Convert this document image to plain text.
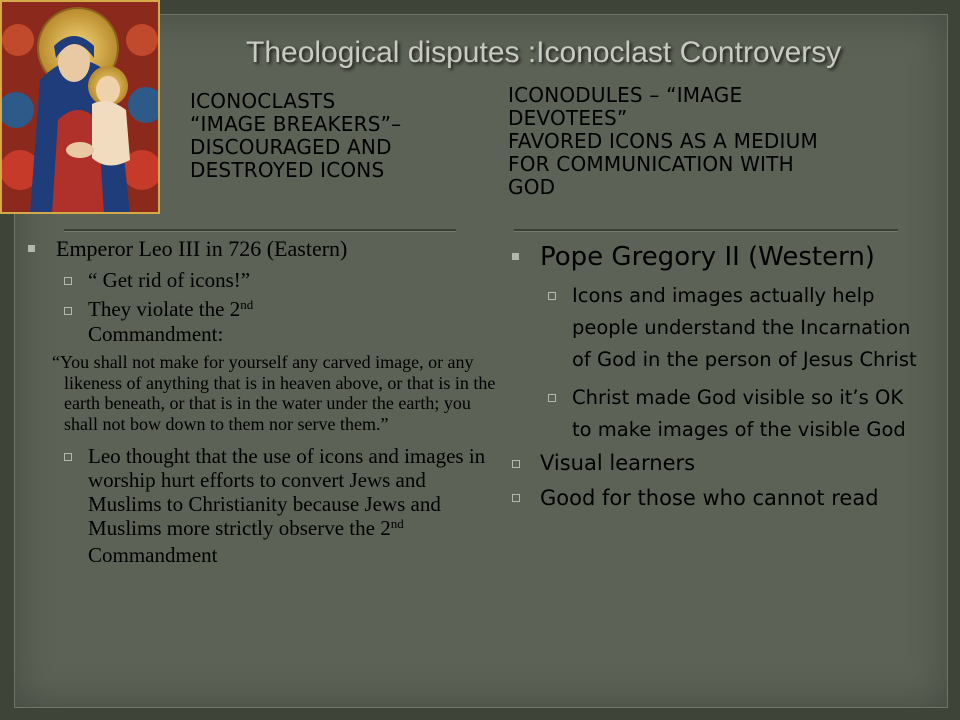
Theological disputes :Iconoclast Controversy
ICONOCLASTS
“IMAGE BREAKERS”–
DISCOURAGED AND
DESTROYED ICONS
ICONODULES – “IMAGE
DEVOTEES”
FAVORED ICONS AS A MEDIUM
FOR COMMUNICATION WITH
GOD
Emperor Leo III in 726 (Eastern)
“ Get rid of icons!”
They violate the 2nd
Commandment:
“You shall not make for yourself any carved image, or any likeness of anything that is in heaven above, or that is in the earth beneath, or that is in the water under the earth; you shall not bow down to them nor serve them.”
Leo thought that the use of icons and images in worship hurt efforts to convert Jews and Muslims to Christianity because Jews and Muslims more strictly observe the 2nd Commandment
Pope Gregory II (Western)
Icons and images actually help people understand the Incarnation of God in the person of Jesus Christ
Christ made God visible so it’s OK to make images of the visible God
Visual learners
Good for those who cannot read
